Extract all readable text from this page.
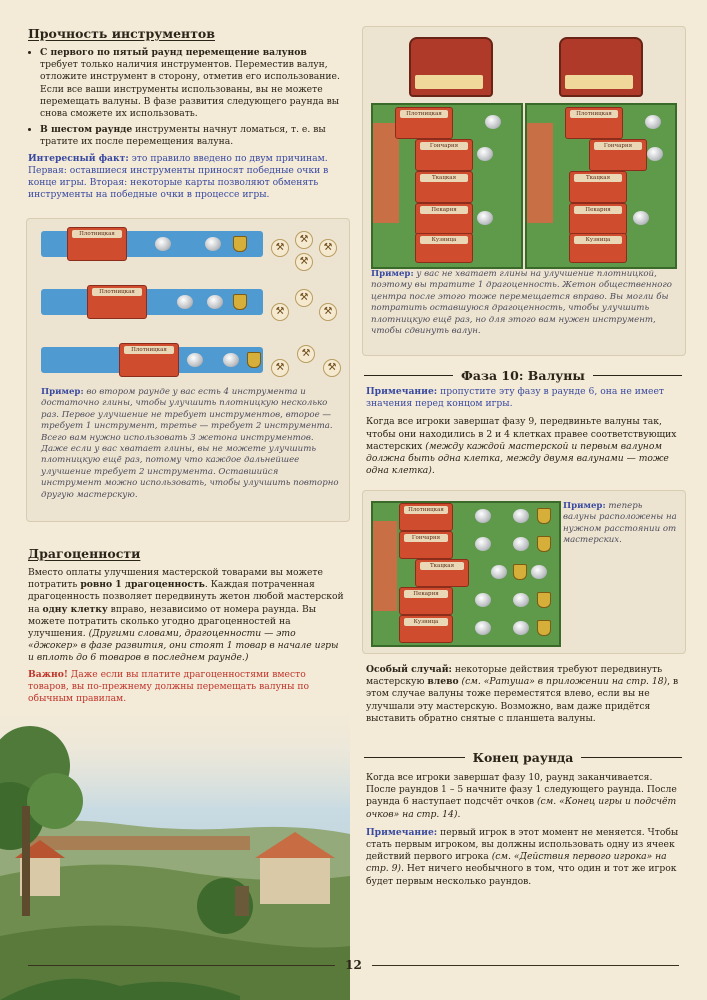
Прочность инструментов
• С первого по пятый раунд перемещение валунов требует только наличия инструментов. Переместив валун, отложите инструмент в сторону, отметив его использование. Если все ваши инструменты использованы, вы не можете перемещать валуны. В фазе развития следующего раунда вы снова сможете их использовать.
• В шестом раунде инструменты начнут ломаться, т. е. вы тратите их после перемещения валуна.

Интересный факт: это правило введено по двум причинам. Первая: оставшиеся инструменты приносят победные очки в конце игры. Вторая: некоторые карты позволяют обменять инструменты на победные очки в процессе игры.

Плотницкая
⚒
⚒
⚒
⚒
Плотницкая
⚒
⚒
⚒
Плотницкая
⚒
⚒
⚒

Пример: во втором раунде у вас есть 4 инструмента и достаточно глины, чтобы улучшить плотницкую несколько раз. Первое улучшение не требует инструментов, второе — требует 1 инструмент, третье — требует 2 инструмента. Всего вам нужно использовать 3 жетона инструментов. Даже если у вас хватает глины, вы не можете улучшить плотницкую ещё раз, потому что каждое дальнейшее улучшение требует 2 инструмента. Оставшийся инструмент можно использовать, чтобы улучшить повторно другую мастерскую.

Драгоценности

Вместо оплаты улучшения мастерской товарами вы можете потратить ровно 1 драгоценность. Каждая потраченная драгоценность позволяет передвинуть жетон любой мастерской на одну клетку вправо, независимо от номера раунда. Вы можете потратить сколько угодно драгоценностей на улучшения. (Другими словами, драгоценности — это «джокер» в фазе развития, они стоят 1 товар в начале игры и вплоть до 6 товаров в последнем раунде.)

Важно! Даже если вы платите драгоценностями вместо товаров, вы по-прежнему должны перемещать валуны по обычным правилам.

Плотницкая
Гончарня
Ткацкая
Пекарня
Кузница
Плотницкая
Гончарня
Ткацкая
Пекарня
Кузница

Пример: у вас не хватает глины на улучшение плотницкой, поэтому вы тратите 1 драгоценность. Жетон общественного центра после этого тоже перемещается вправо. Вы могли бы потратить оставшуюся драгоценность, чтобы улучшить плотницкую ещё раз, но для этого вам нужен инструмент, чтобы сдвинуть валун.

Фаза 10: Валуны

Примечание: пропустите эту фазу в раунде 6, она не имеет значения перед концом игры.

Когда все игроки завершат фазу 9, передвиньте валуны так, чтобы они находились в 2 и 4 клетках правее соответствующих мастерских (между каждой мастерской и первым валуном должна быть одна клетка, между двумя валунами — тоже одна клетка).

Плотницкая
Гончарня
Ткацкая
Пекарня
Кузница

Пример: теперь валуны расположены на нужном расстоянии от мастерских.

Особый случай: некоторые действия требуют передвинуть мастерскую влево (см. «Ратуша» в приложении на стр. 18), в этом случае валуны тоже переместятся влево, если вы не улучшали эту мастерскую. Возможно, вам даже придётся выставить обратно снятые с планшета валуны.

Конец раунда

Когда все игроки завершат фазу 10, раунд заканчивается. После раундов 1 – 5 начните фазу 1 следующего раунда. После раунда 6 наступает подсчёт очков (см. «Конец игры и подсчёт очков» на стр. 14).

Примечание: первый игрок в этот момент не меняется. Чтобы стать первым игроком, вы должны использовать одну из ячеек действий первого игрока (см. «Действия первого игрока» на стр. 9). Нет ничего необычного в том, что один и тот же игрок будет первым несколько раундов.

12
